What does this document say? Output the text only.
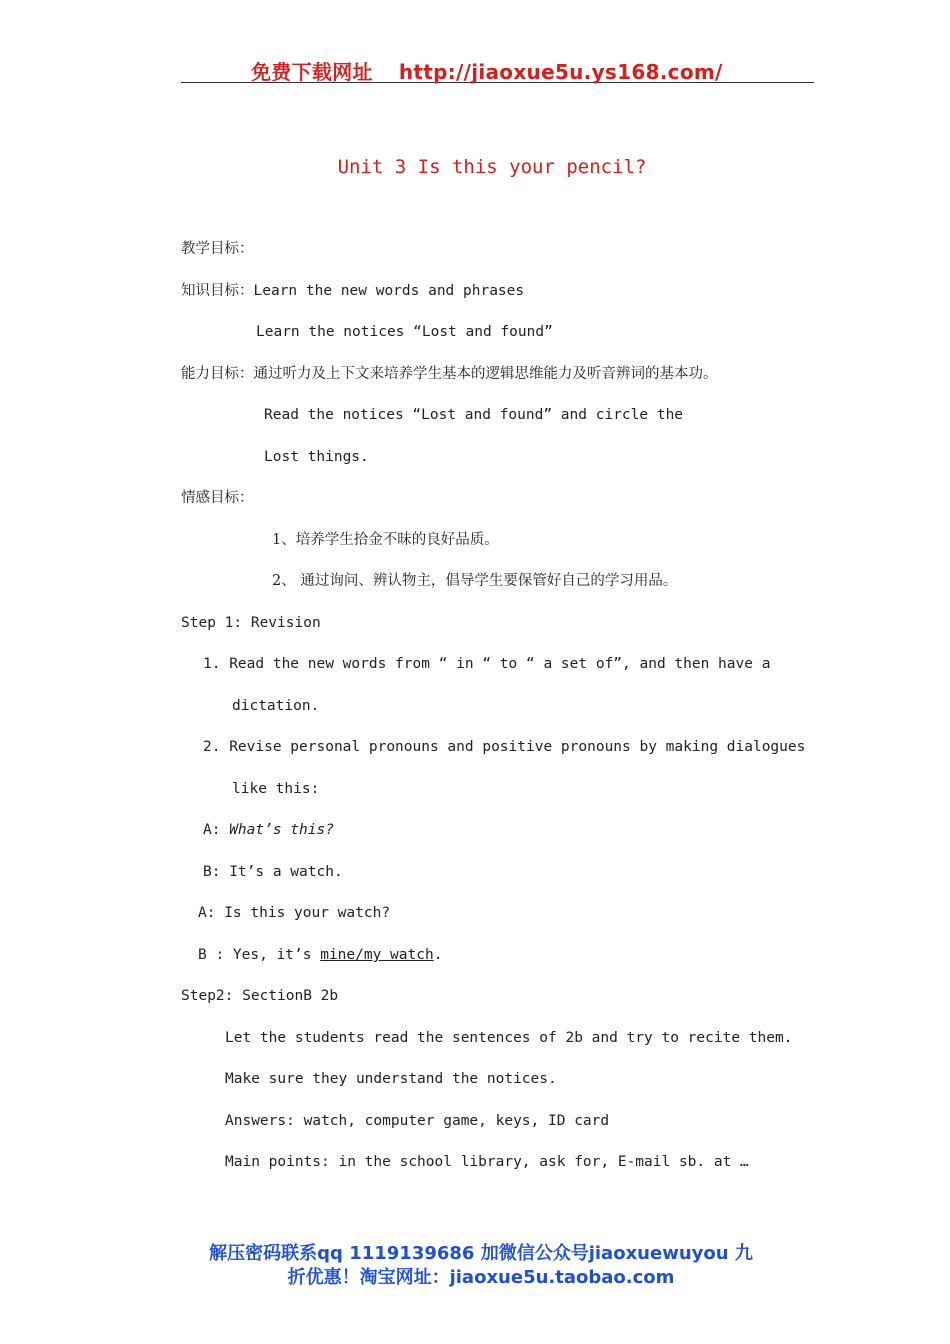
免费下载网址 http://jiaoxue5u.ys168.com/
Unit 3 Is this your pencil?
教学目标：
知识目标：Learn the new words and phrases
Learn the notices “Lost and found”
能力目标：通过听力及上下文来培养学生基本的逻辑思维能力及听音辨词的基本功。
Read the notices “Lost and found” and circle the
Lost things.
情感目标：
1、培养学生拾金不昧的良好品质。
2、 通过询问、辨认物主，倡导学生要保管好自己的学习用品。
Step 1: Revision
1. Read the new words from “ in “ to “ a set of”, and then have a
dictation.
2. Revise personal pronouns and positive pronouns by making dialogues
like this:
A: What’s this?
B: It’s a watch.
A: Is this your watch?
B : Yes, it’s mine/my watch.
Step2: SectionB 2b
Let the students read the sentences of 2b and try to recite them.
Make sure they understand the notices.
Answers: watch, computer game, keys, ID card
Main points: in the school library, ask for, E-mail sb. at …
解压密码联系qq 1119139686 加微信公众号jiaoxuewuyou 九
折优惠！淘宝网址：jiaoxue5u.taobao.com
